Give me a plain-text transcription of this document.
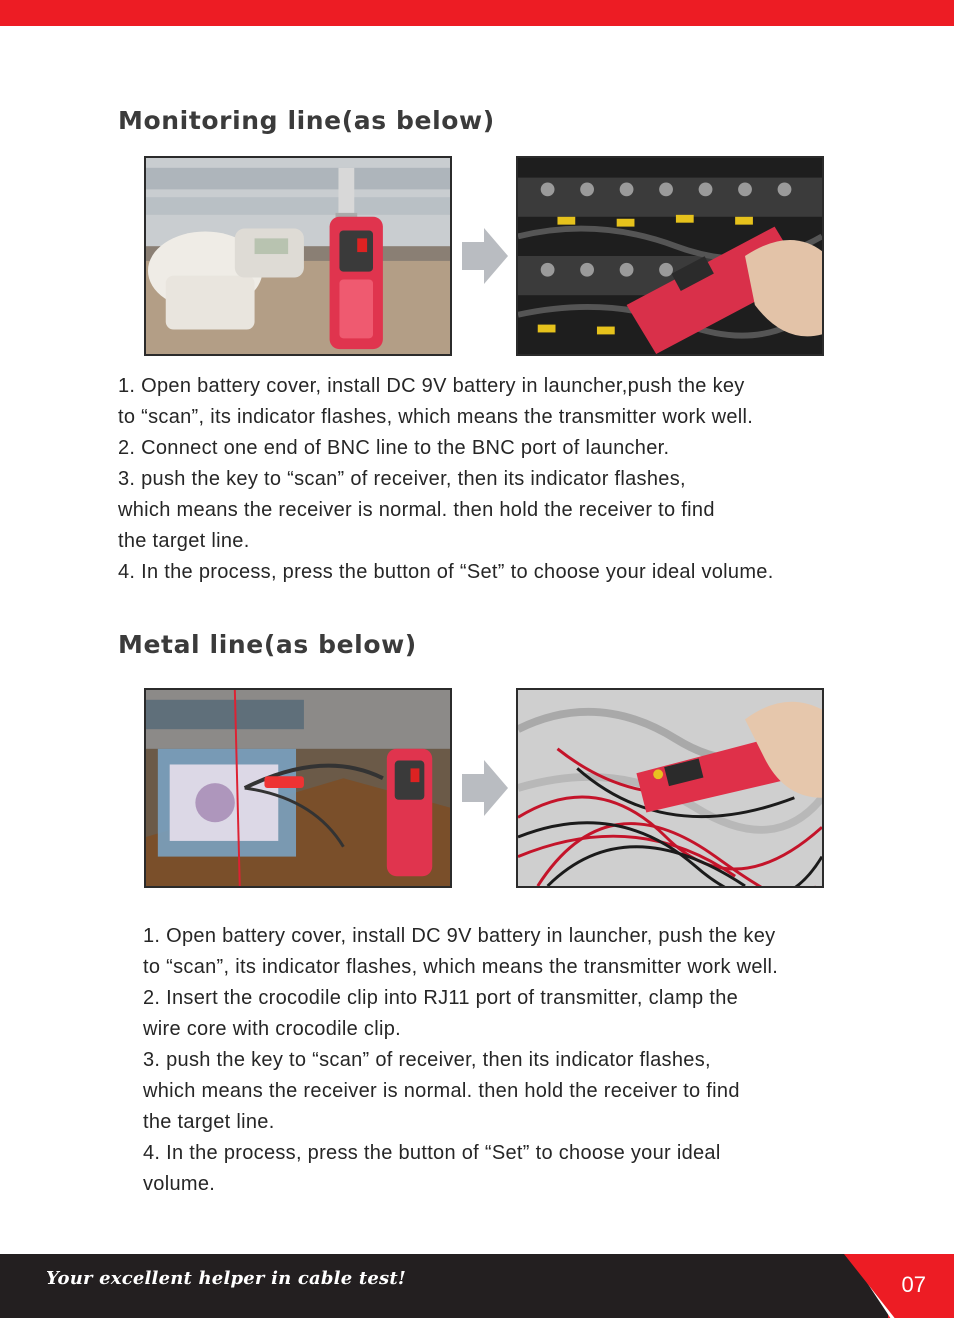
Monitoring line(as below)
1. Open battery cover, install DC 9V battery in launcher,push the key
to “scan”, its indicator flashes, which means the transmitter work well.
2. Connect one end of BNC line to the BNC port of launcher.
3. push the key to “scan” of receiver, then its indicator flashes,
which means the receiver is normal. then hold the receiver to find
the target line.
4. In the process, press the button of “Set” to choose your ideal volume.
Metal line(as below)
1. Open battery cover, install DC 9V battery in launcher, push the key
to “scan”, its indicator flashes, which means the transmitter work well.
2. Insert the crocodile clip into RJ11 port of transmitter, clamp the
wire core with crocodile clip.
3. push the key to “scan” of receiver, then its indicator flashes,
which means the receiver is normal. then hold the receiver to find
the target line.
4. In the process, press the button of “Set” to choose your ideal
volume.
Your excellent helper in cable test!	07
